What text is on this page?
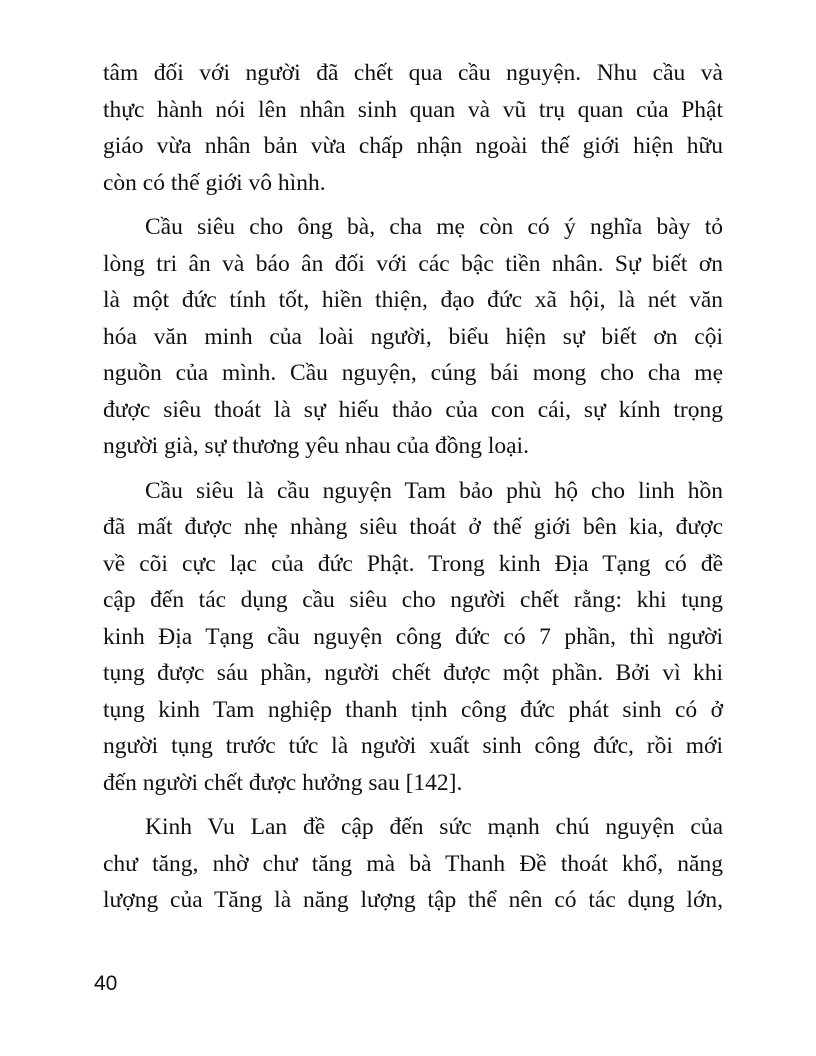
tâm đối với người đã chết qua cầu nguyện. Nhu cầu và
thực hành nói lên nhân sinh quan và vũ trụ quan của Phật
giáo vừa nhân bản vừa chấp nhận ngoài thế giới hiện hữu
còn có thế giới vô hình.
Cầu siêu cho ông bà, cha mẹ còn có ý nghĩa bày tỏ
lòng tri ân và báo ân đối với các bậc tiền nhân. Sự biết ơn
là một đức tính tốt, hiền thiện, đạo đức xã hội, là nét văn
hóa văn minh của loài người, biểu hiện sự biết ơn cội
nguồn của mình. Cầu nguyện, cúng bái mong cho cha mẹ
được siêu thoát là sự hiếu thảo của con cái, sự kính trọng
người già, sự thương yêu nhau của đồng loại.
Cầu siêu là cầu nguyện Tam bảo phù hộ cho linh hồn
đã mất được nhẹ nhàng siêu thoát ở thế giới bên kia, được
về cõi cực lạc của đức Phật. Trong kinh Địa Tạng có đề
cập đến tác dụng cầu siêu cho người chết rằng: khi tụng
kinh Địa Tạng cầu nguyện công đức có 7 phần, thì người
tụng được sáu phần, người chết được một phần. Bởi vì khi
tụng kinh Tam nghiệp thanh tịnh công đức phát sinh có ở
người tụng trước tức là người xuất sinh công đức, rồi mới
đến người chết được hưởng sau [142].
Kinh Vu Lan đề cập đến sức mạnh chú nguyện của
chư tăng, nhờ chư tăng mà bà Thanh Đề thoát khổ, năng
lượng của Tăng là năng lượng tập thể nên có tác dụng lớn,
40
